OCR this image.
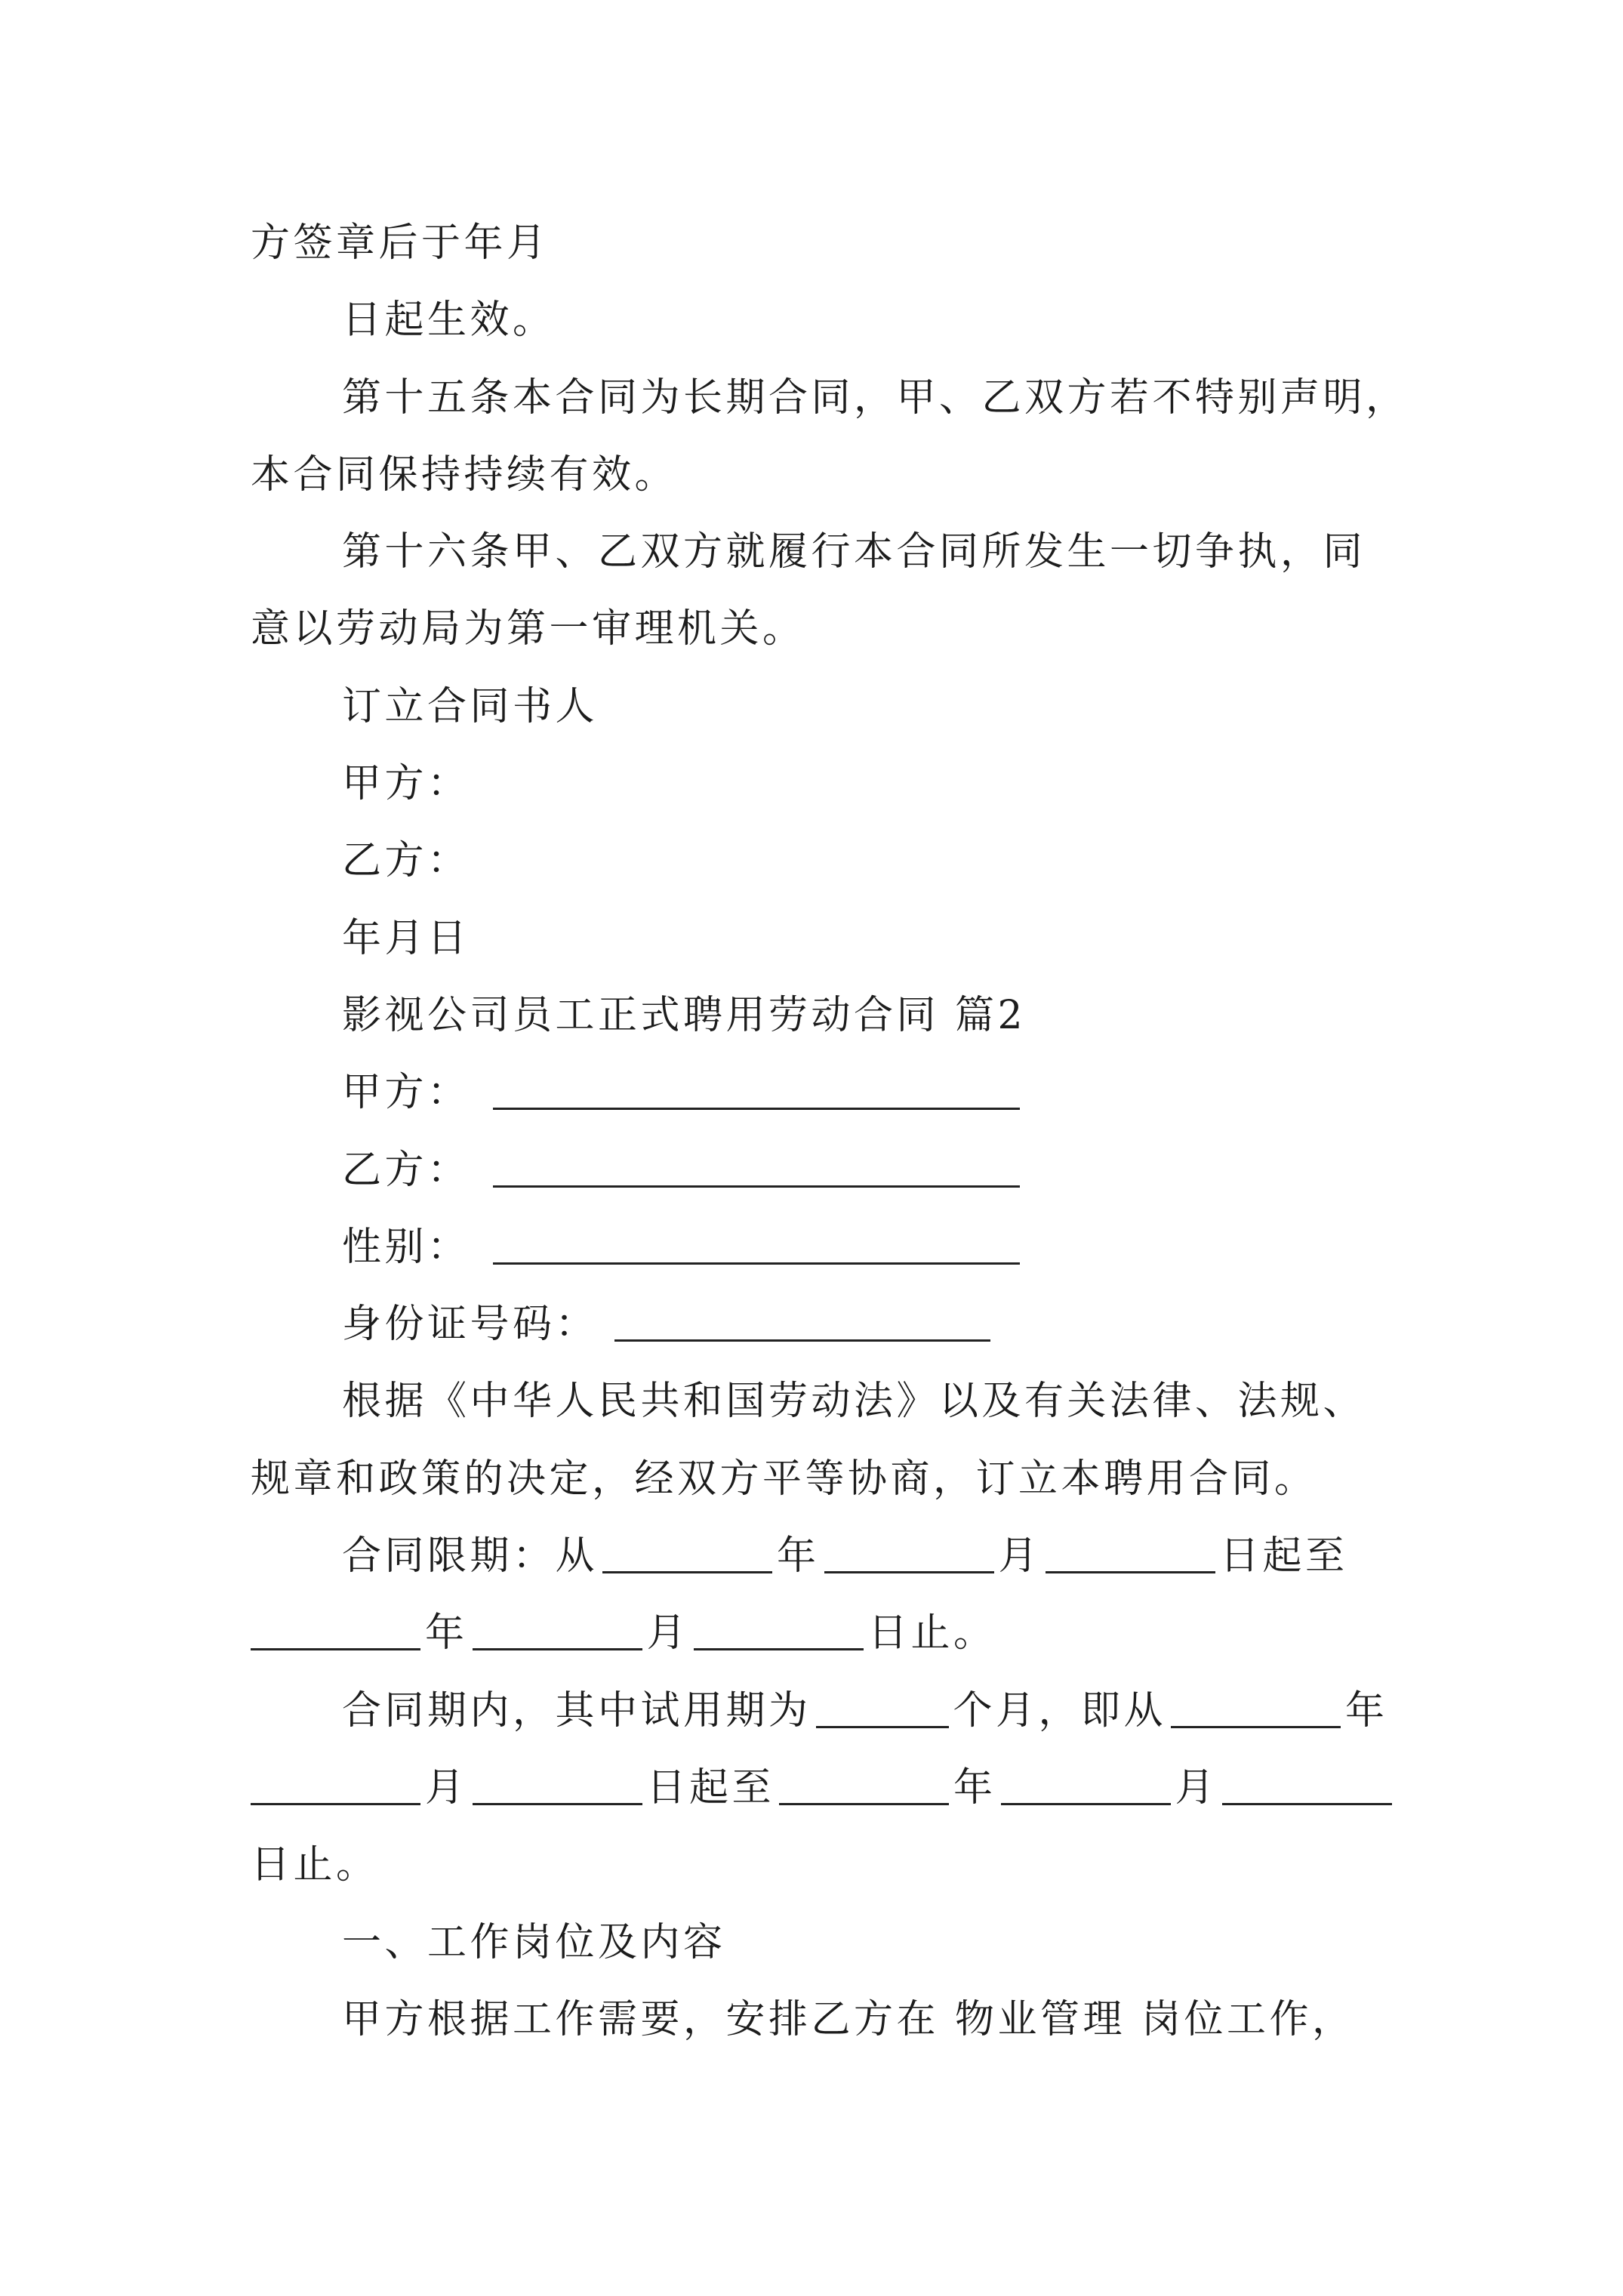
方签章后于年月
日起生效。
第十五条本合同为长期合同，甲、乙双方若不特别声明，
本合同保持持续有效。
第十六条甲、乙双方就履行本合同所发生一切争执，同
意以劳动局为第一审理机关。
订立合同书人
甲方：
乙方：
年月日
影视公司员工正式聘用劳动合同 篇2
甲方：
乙方：
性别：
身份证号码：
根据《中华人民共和国劳动法》以及有关法律、法规、
规章和政策的决定，经双方平等协商，订立本聘用合同。
合同限期：从	年	月	日起至
年	月	日止。
合同期内，其中试用期为	个月，即从	年
月	日起至	年	月
日止。
一、工作岗位及内容
甲方根据工作需要，安排乙方在 物业管理 岗位工作，
